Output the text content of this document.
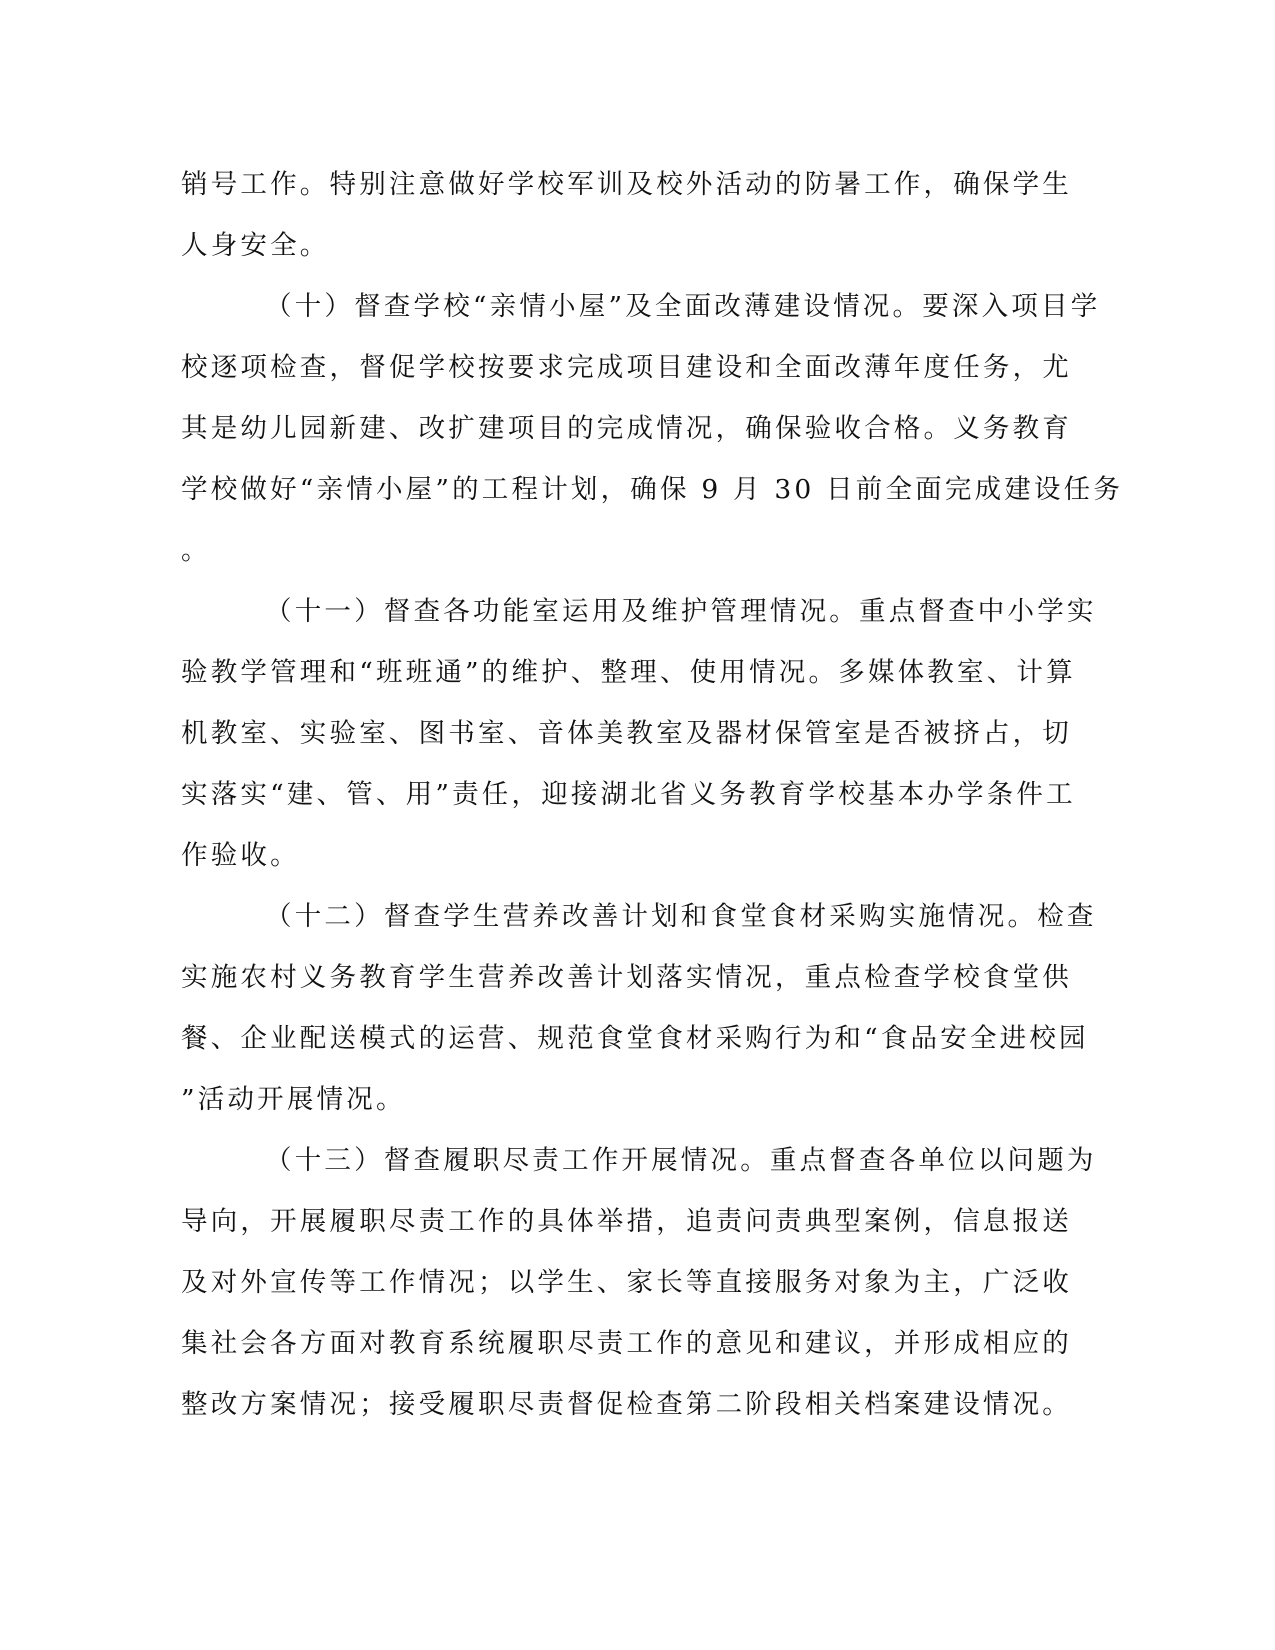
销号工作。特别注意做好学校军训及校外活动的防暑工作，确保学生
人身安全。
（十）督查学校“亲情小屋”及全面改薄建设情况。要深入项目学
校逐项检查，督促学校按要求完成项目建设和全面改薄年度任务，尤
其是幼儿园新建、改扩建项目的完成情况，确保验收合格。义务教育
学校做好“亲情小屋”的工程计划，确保 9 月 30 日前全面完成建设任务
。
（十一）督查各功能室运用及维护管理情况。重点督查中小学实
验教学管理和“班班通”的维护、整理、使用情况。多媒体教室、计算
机教室、实验室、图书室、音体美教室及器材保管室是否被挤占，切
实落实“建、管、用”责任，迎接湖北省义务教育学校基本办学条件工
作验收。
（十二）督查学生营养改善计划和食堂食材采购实施情况。检查
实施农村义务教育学生营养改善计划落实情况，重点检查学校食堂供
餐、企业配送模式的运营、规范食堂食材采购行为和“食品安全进校园
”活动开展情况。
（十三）督查履职尽责工作开展情况。重点督查各单位以问题为
导向，开展履职尽责工作的具体举措，追责问责典型案例，信息报送
及对外宣传等工作情况；以学生、家长等直接服务对象为主，广泛收
集社会各方面对教育系统履职尽责工作的意见和建议，并形成相应的
整改方案情况；接受履职尽责督促检查第二阶段相关档案建设情况。
